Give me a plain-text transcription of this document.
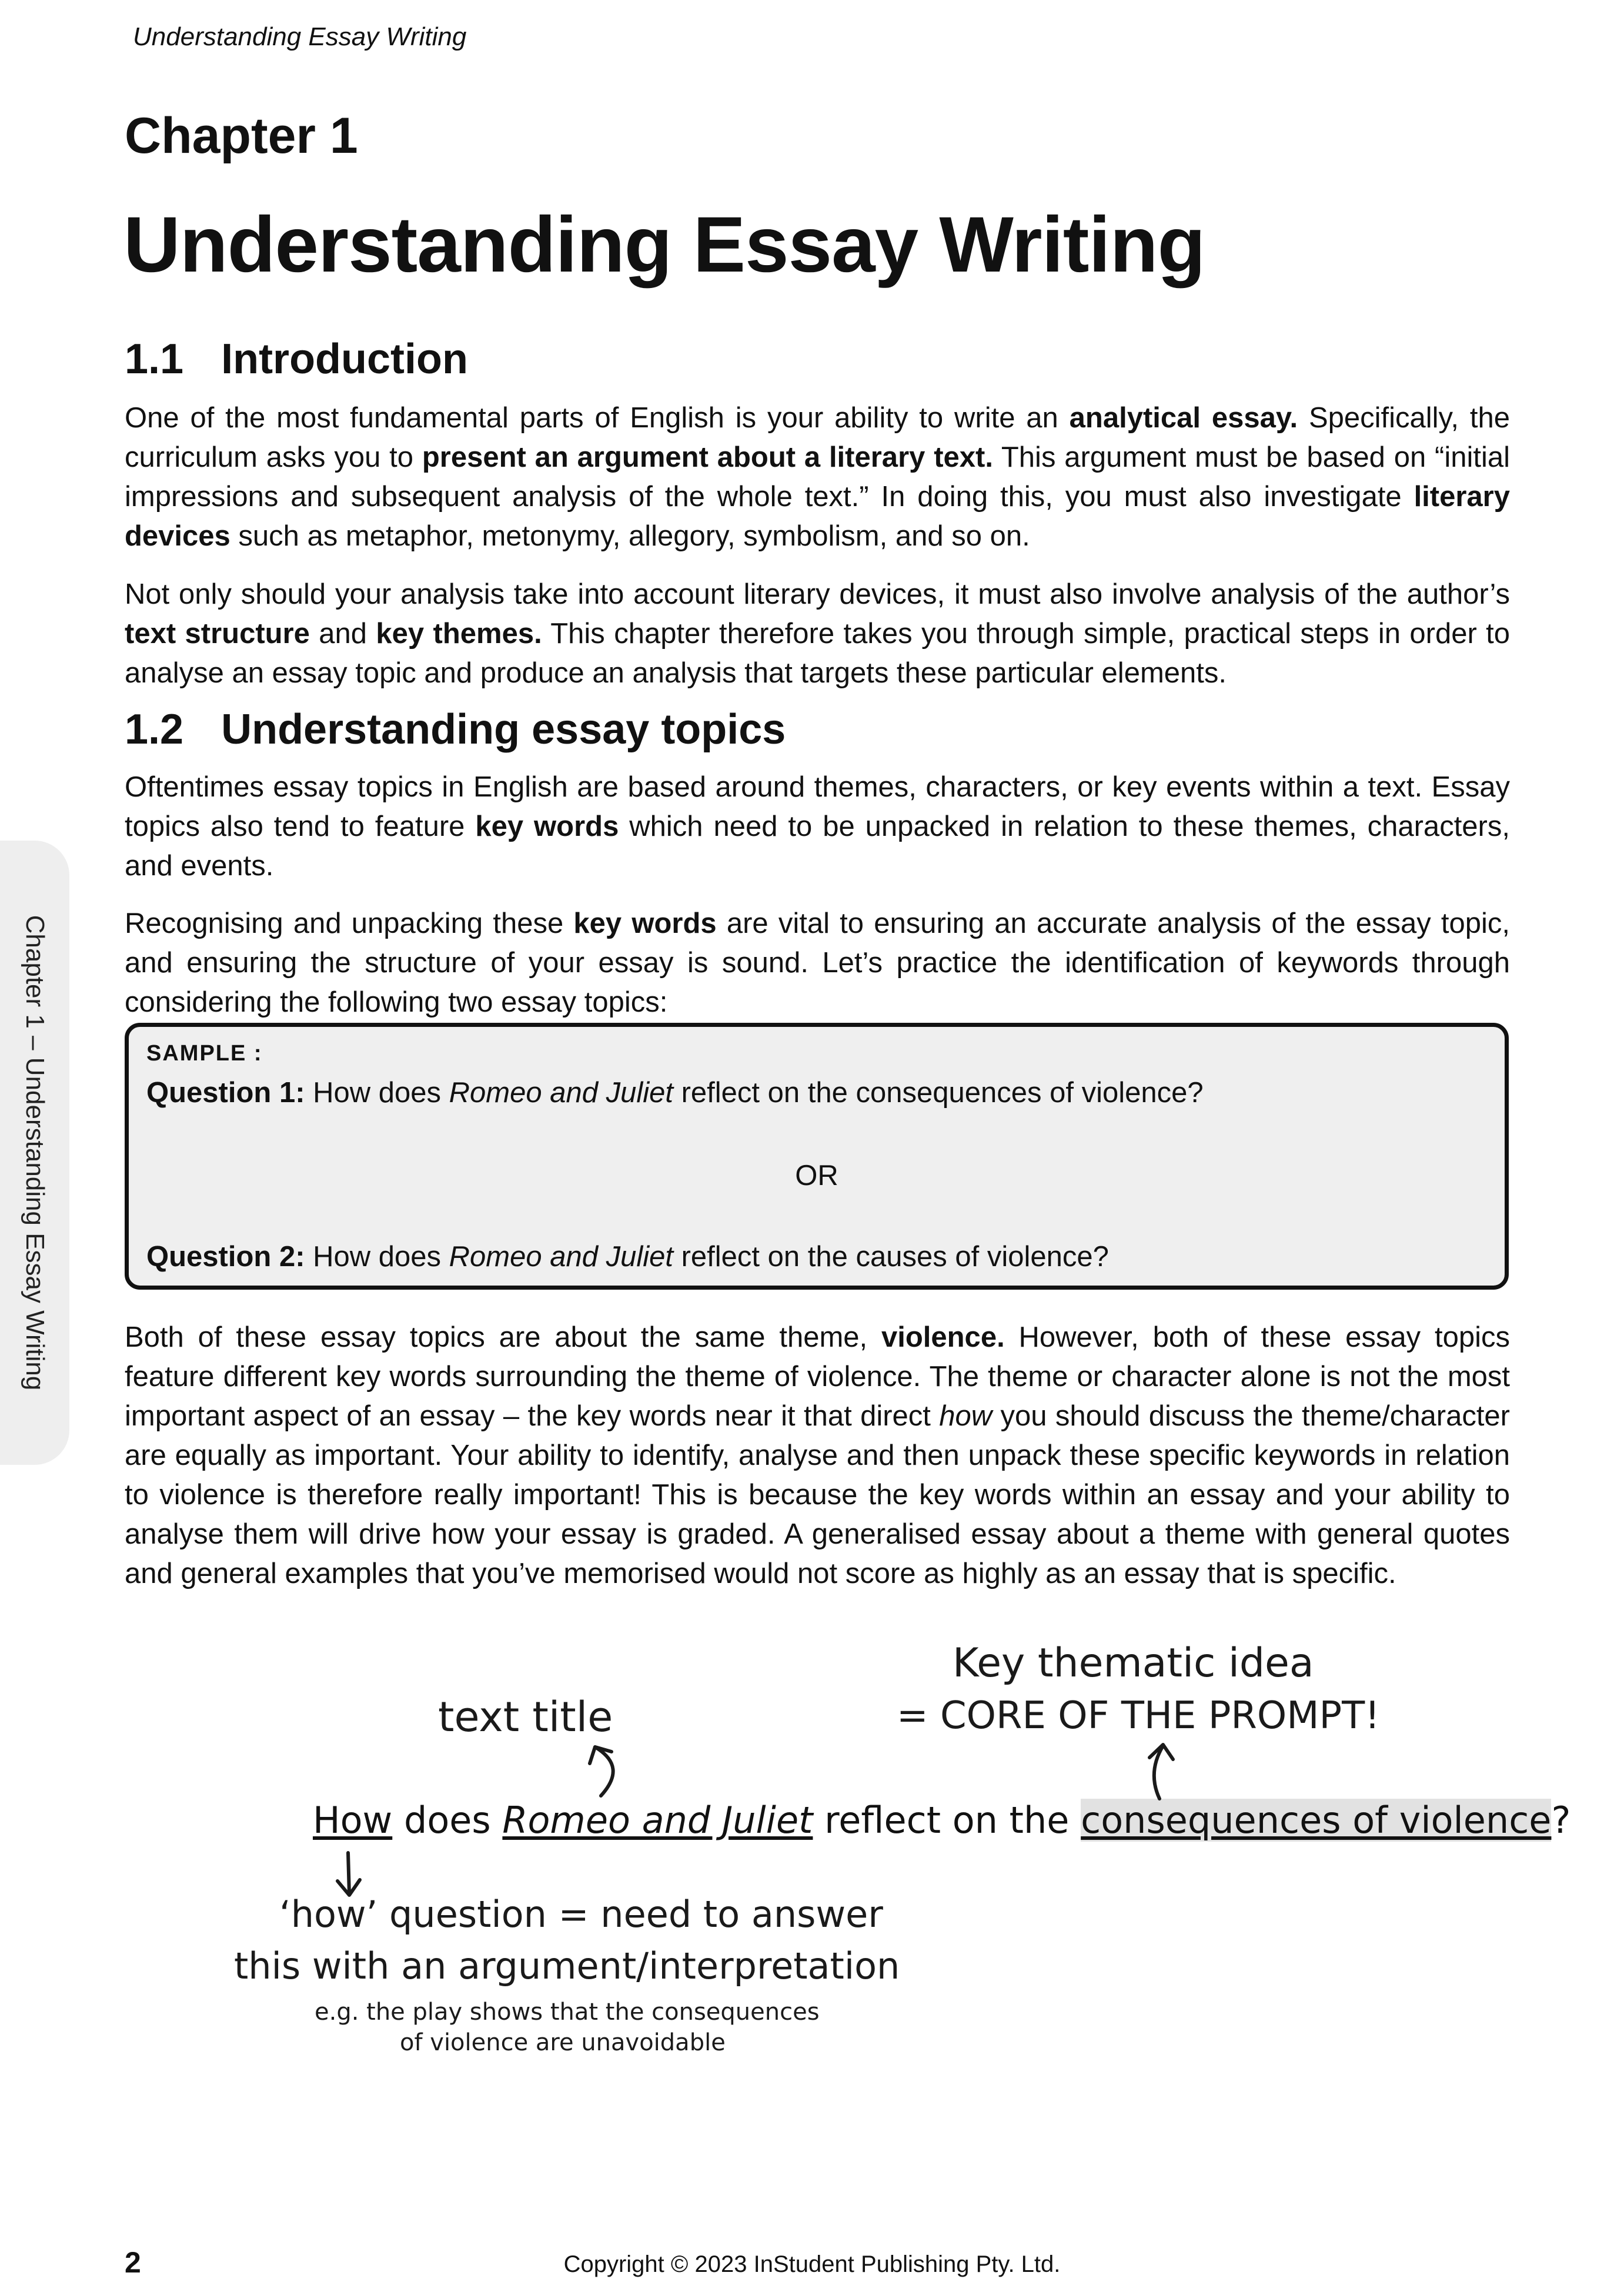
Understanding Essay Writing
Chapter 1
Understanding Essay Writing
Chapter 1 – Understanding Essay Writing
1.1 Introduction

One of the most fundamental parts of English is your ability to write an analytical essay. Specifically, the curriculum asks you to present an argument about a literary text. This argument must be based on “initial impressions and subsequent analysis of the whole text.” In doing this, you must also investigate literary devices such as metaphor, metonymy, allegory, symbolism, and so on.

Not only should your analysis take into account literary devices, it must also involve analysis of the author’s text structure and key themes. This chapter therefore takes you through simple, practical steps in order to analyse an essay topic and produce an analysis that targets these particular elements.

1.2 Understanding essay topics

Oftentimes essay topics in English are based around themes, characters, or key events within a text. Essay topics also tend to feature key words which need to be unpacked in relation to these themes, characters, and events.

Recognising and unpacking these key words are vital to ensuring an accurate analysis of the essay topic, and ensuring the structure of your essay is sound. Let’s practice the identification of keywords through considering the following two essay topics:

SAMPLE :
Question 1: How does Romeo and Juliet reflect on the consequences of violence?
OR
Question 2: How does Romeo and Juliet reflect on the causes of violence?

Both of these essay topics are about the same theme, violence. However, both of these essay topics feature different key words surrounding the theme of violence. The theme or character alone is not the most important aspect of an essay – the key words near it that direct how you should discuss the theme/character are equally as important. Your ability to identify, analyse and then unpack these specific keywords in relation to violence is therefore really important! This is because the key words within an essay and your ability to analyse them will drive how your essay is graded. A generalised essay about a theme with general quotes and general examples that you’ve memorised would not score as highly as an essay that is specific.

text title
Key thematic idea
= CORE OF THE PROMPT!
How does Romeo and Juliet reflect on the consequences of violence?
‘how’ question = need to answer
this with an argument/interpretation
e.g. the play shows that the consequences
of violence are unavoidable
2	Copyright © 2023 InStudent Publishing Pty. Ltd.
